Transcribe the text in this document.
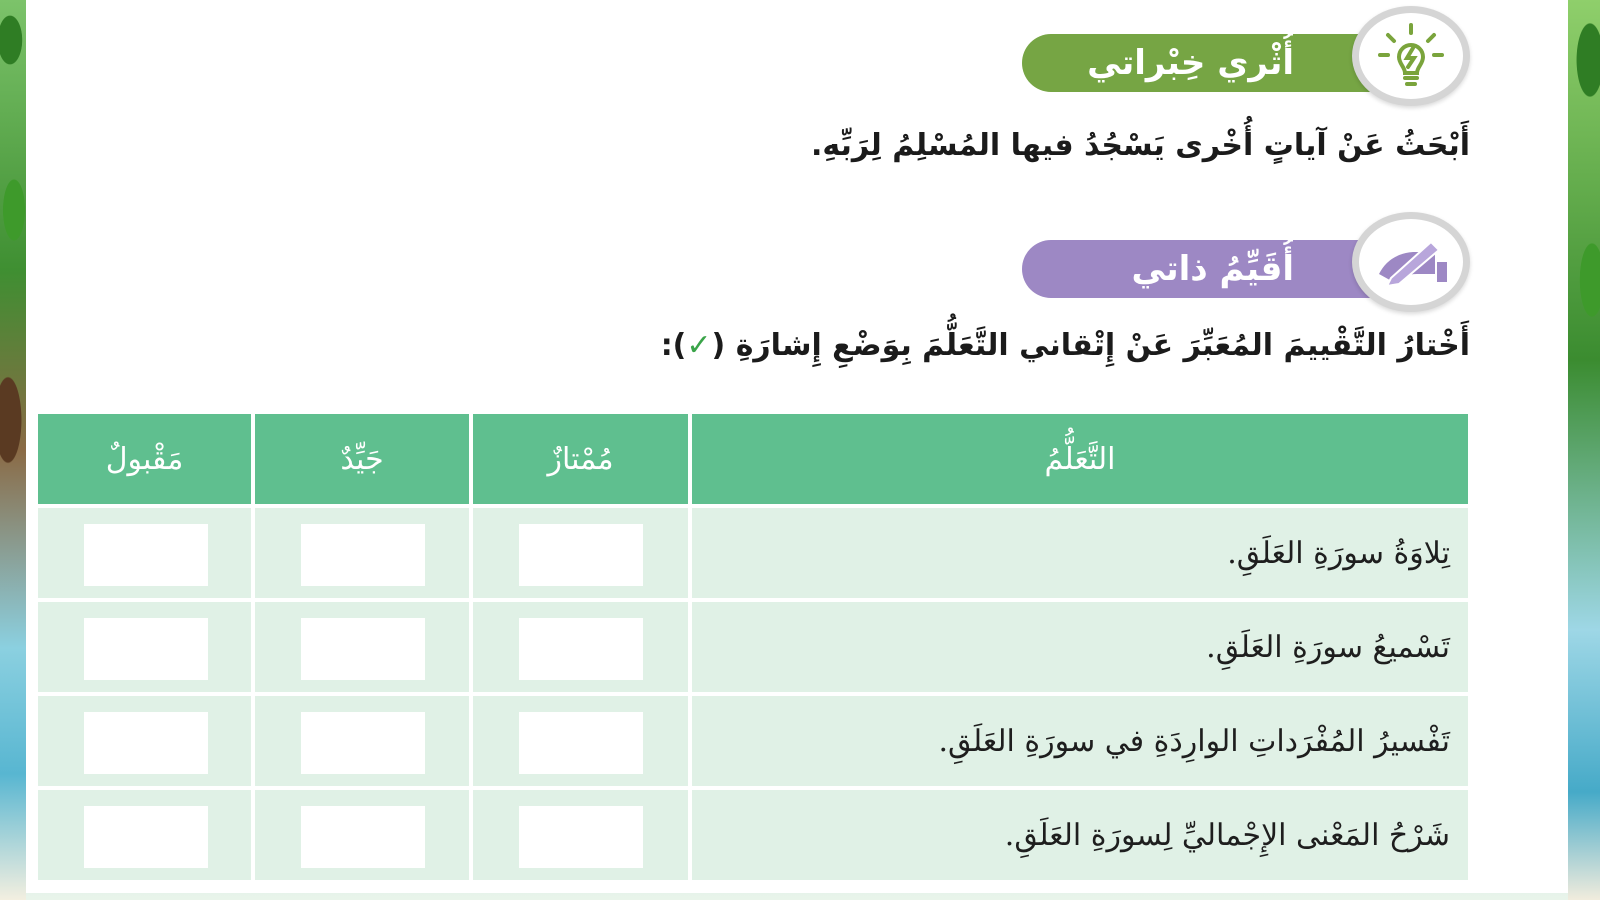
أُثْري خِبْراتي
أَبْحَثُ عَنْ آياتٍ أُخْرى يَسْجُدُ فيها المُسْلِمُ لِرَبِّهِ.
أُقَيِّمُ ذاتي
أَخْتارُ التَّقْييمَ المُعَبِّرَ عَنْ إِتْقاني التَّعَلُّمَ بِوَضْعِ إِشارَةِ (✓):
مَقْبولٌ	جَيِّدٌ	مُمْتازٌ	التَّعَلُّمُ
تِلاوَةُ سورَةِ العَلَقِ.
تَسْميعُ سورَةِ العَلَقِ.
تَفْسيرُ المُفْرَداتِ الوارِدَةِ في سورَةِ العَلَقِ.
شَرْحُ المَعْنى الإِجْماليِّ لِسورَةِ العَلَقِ.
